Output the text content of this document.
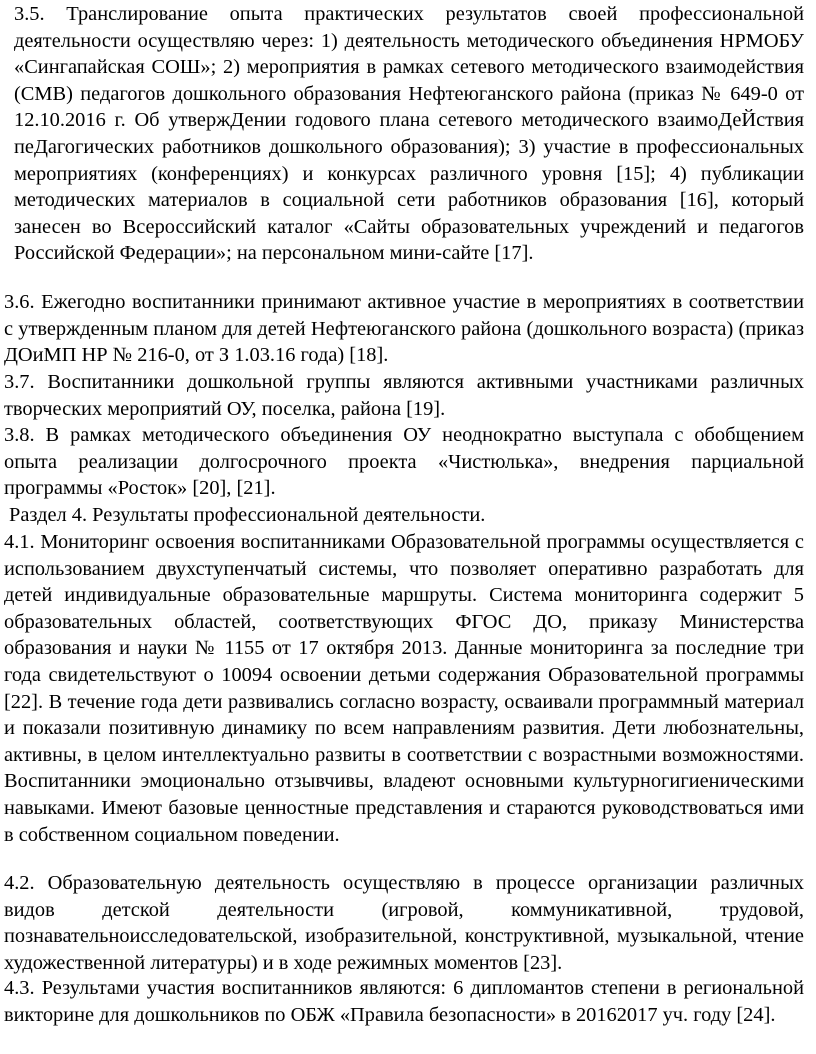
3.5. Транслирование опыта практических результатов своей профессиональной деятельности осуществляю через: 1) деятельность методического объединения НРМОБУ «Сингапайская СОШ»; 2) мероприятия в рамках сетевого методического взаимодействия (СМВ) педагогов дошкольного образования Нефтеюганского района (приказ № 649-0 от 12.10.2016 г. Об утвержДении годового плана сетевого методического взаимоДеЙствия пеДагогических работников дошкольного образования); 3) участие в профессиональных мероприятиях (конференциях) и конкурсах различного уровня [15]; 4) публикации методических материалов в социальной сети работников образования [16], который занесен во Всероссийский каталог «Сайты образовательных учреждений и педагогов Российской Федерации»; на персональном мини-сайте [17].

3.6. Ежегодно воспитанники принимают активное участие в мероприятиях в соответствии с утвержденным планом для детей Нефтеюганского района (дошкольного возраста) (приказ ДОиМП НР № 216-0, от З 1.03.16 года) [18].

3.7. Воспитанники дошкольной группы являются активными участниками различных творческих мероприятий ОУ, поселка, района [19].

3.8. В рамках методического объединения ОУ неоднократно выступала с обобщением опыта реализации долгосрочного проекта «Чистюлька», внедрения парциальной программы «Росток» [20], [21].

Раздел 4. Результаты профессиональной деятельности.

4.1. Мониторинг освоения воспитанниками Образовательной программы осуществляется с использованием двухступенчатый системы, что позволяет оперативно разработать для детей индивидуальные образовательные маршруты. Система мониторинга содержит 5 образовательных областей, соответствующих ФГОС ДО, приказу Министерства образования и науки № 1155 от 17 октября 2013. Данные мониторинга за последние три года свидетельствуют о 10094 освоении детьми содержания Образовательной программы [22]. В течение года дети развивались согласно возрасту, осваивали программный материал и показали позитивную динамику по всем направлениям развития. Дети любознательны, активны, в целом интеллектуально развиты в соответствии с возрастными возможностями. Воспитанники эмоционально отзывчивы, владеют основными культурногигиеническими навыками. Имеют базовые ценностные представления и стараются руководствоваться ими в собственном социальном поведении.

4.2. Образовательную деятельность осуществляю в процессе организации различных видов детской деятельности (игровой, коммуникативной, трудовой, познавательноисследовательской, изобразительной, конструктивной, музыкальной, чтение художественной литературы) и в ходе режимных моментов [23].

4.3. Результами участия воспитанников являются: 6 дипломантов степени в региональной викторине для дошкольников по ОБЖ «Правила безопасности» в 20162017 уч. году [24].
